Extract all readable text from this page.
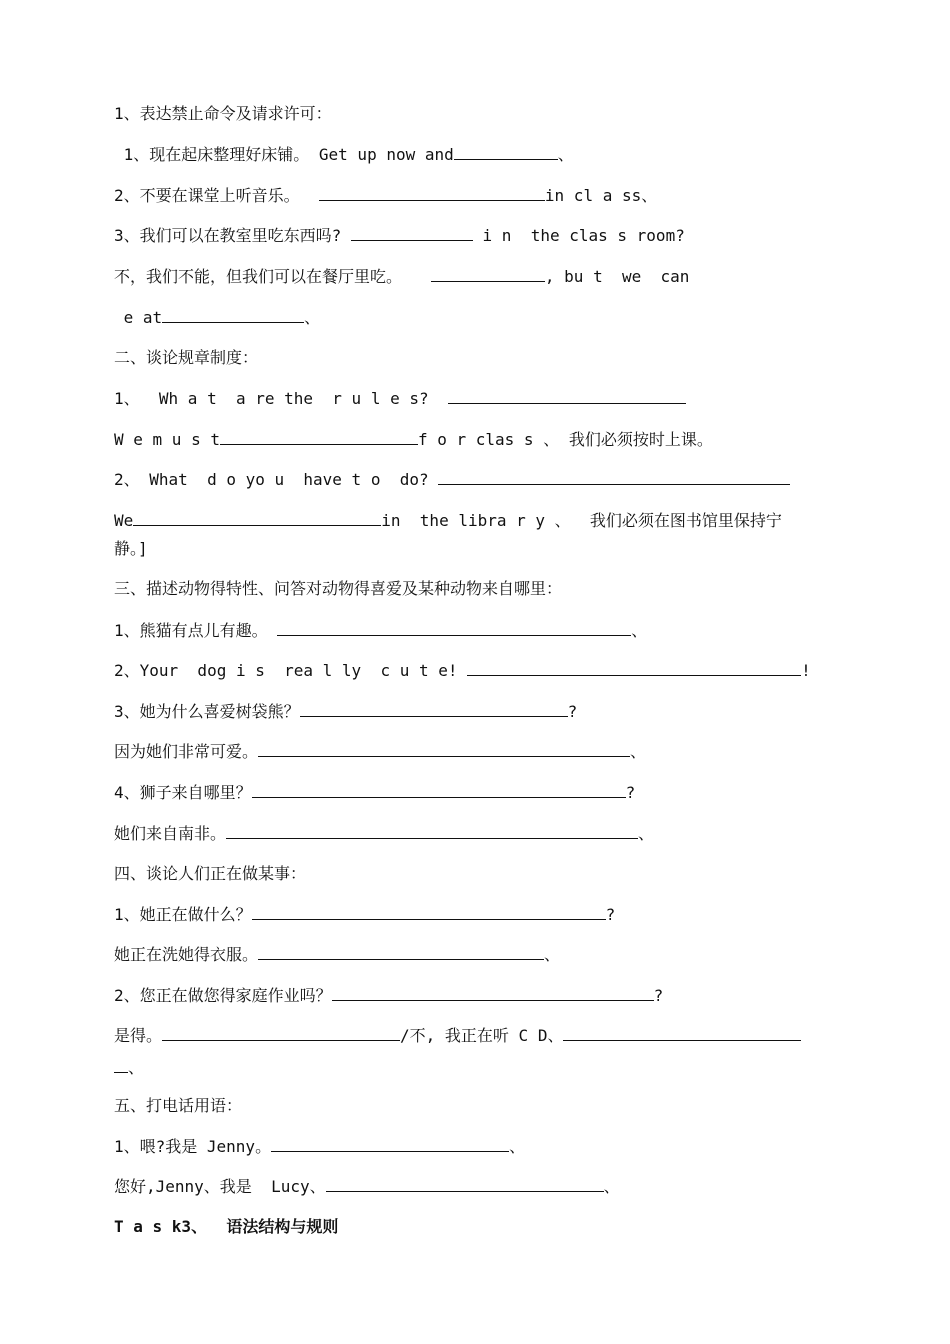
1、表达禁止命令及请求许可：
1、现在起床整理好床铺。 Get up now and	、
2、不要在课堂上听音乐。	in cl a ss、
3、我们可以在教室里吃东西吗?	i n  the clas s room?
不，我们不能，但我们可以在餐厅里吃。	, bu t  we  can
e at	、
二、谈论规章制度：
1、  Wh a t  a re the  r u l e s?
W e m u s t	f o r clas s 、 我们必须按时上课。
2、 What  d o yo u  have t o  do?
We	in  the libra r y 、  我们必须在图书馆里保持宁
静。]
三、描述动物得特性、问答对动物得喜爱及某种动物来自哪里：
1、熊猫有点儿有趣。	、
2、Your  dog i s  rea l ly  c u t e!	!
3、她为什么喜爱树袋熊？	?
因为她们非常可爱。	、
4、狮子来自哪里？	?
她们来自南非。	、
四、谈论人们正在做某事：
1、她正在做什么？	?
她正在洗她得衣服。	、
2、您正在做您得家庭作业吗？	?
是得。	/不, 我正在听 C D、
、
五、打电话用语：
1、喂?我是 Jenny。	、
您好,Jenny、我是  Lucy、	、
T a s k3、  语法结构与规则
